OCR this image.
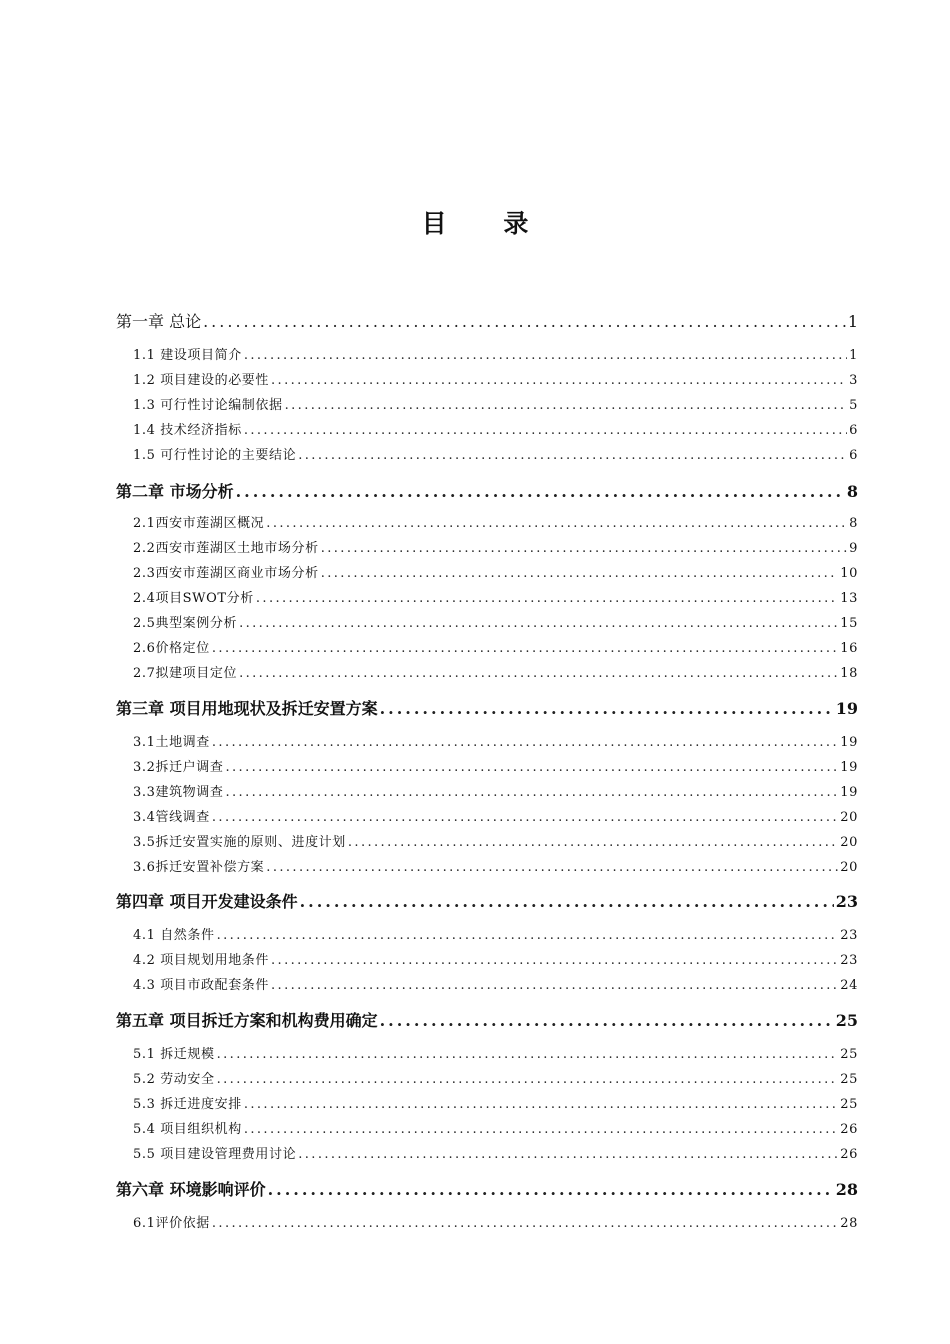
目 录
第一章 总论 .....	1
1.1 建设项目简介 .....	1
1.2 项目建设的必要性 .....	3
1.3 可行性讨论编制依据 .....	5
1.4 技术经济指标 .....	6
1.5 可行性讨论的主要结论 .....	6
第二章 市场分析 .....	8
2.1西安市莲湖区概况 .....	8
2.2西安市莲湖区土地市场分析 .....	9
2.3西安市莲湖区商业市场分析 .....	10
2.4项目SWOT分析 .....	13
2.5典型案例分析 .....	15
2.6价格定位 .....	16
2.7拟建项目定位 .....	18
第三章 项目用地现状及拆迁安置方案 .....	19
3.1土地调查 .....	19
3.2拆迁户调查 .....	19
3.3建筑物调查 .....	19
3.4管线调查 .....	20
3.5拆迁安置实施的原则、进度计划 .....	20
3.6拆迁安置补偿方案 .....	20
第四章 项目开发建设条件 .....	23
4.1 自然条件 .....	23
4.2 项目规划用地条件 .....	23
4.3 项目市政配套条件 .....	24
第五章 项目拆迁方案和机构费用确定 .....	25
5.1 拆迁规模 .....	25
5.2 劳动安全 .....	25
5.3 拆迁进度安排 .....	25
5.4 项目组织机构 .....	26
5.5 项目建设管理费用讨论 .....	26
第六章 环境影响评价 .....	28
6.1评价依据 .....	28
